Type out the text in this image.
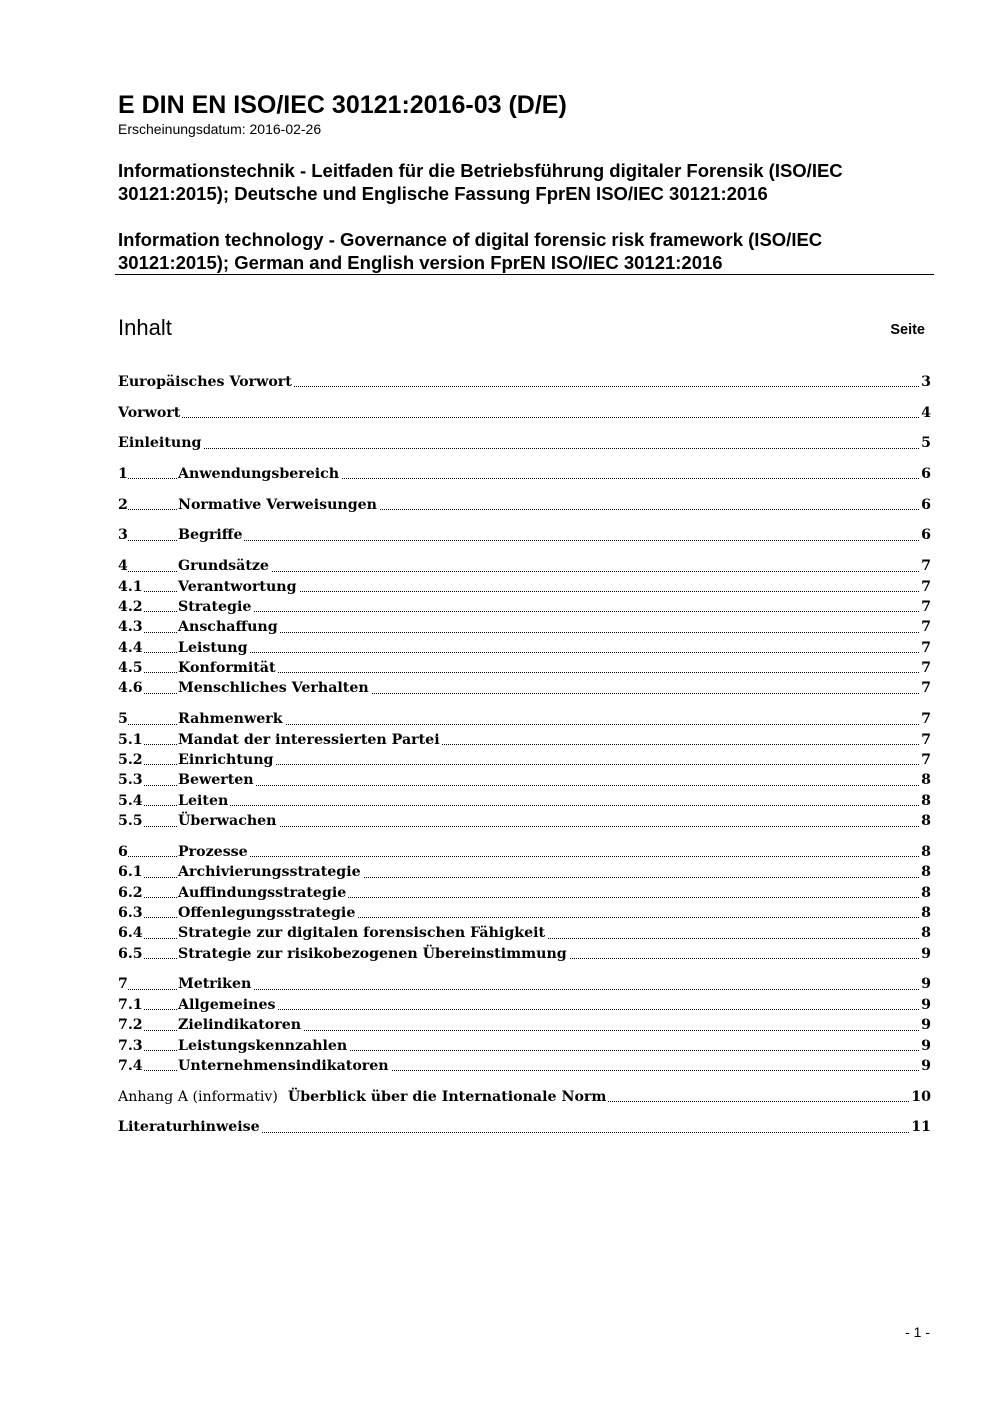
E DIN EN ISO/IEC 30121:2016-03 (D/E)
Erscheinungsdatum: 2016-02-26
Informationstechnik - Leitfaden für die Betriebsführung digitaler Forensik (ISO/IEC 30121:2015); Deutsche und Englische Fassung FprEN ISO/IEC 30121:2016
Information technology - Governance of digital forensic risk framework (ISO/IEC 30121:2015); German and English version FprEN ISO/IEC 30121:2016
Inhalt	Seite
Europäisches Vorwort	3
Vorwort	4
Einleitung	5
1	Anwendungsbereich	6
2	Normative Verweisungen	6
3	Begriffe	6
4	Grundsätze	7
4.1 Verantwortung	7
4.2 Strategie	7
4.3 Anschaffung	7
4.4 Leistung	7
4.5 Konformität	7
4.6 Menschliches Verhalten	7
5	Rahmenwerk	7
5.1 Mandat der interessierten Partei	7
5.2 Einrichtung	7
5.3 Bewerten	8
5.4 Leiten	8
5.5 Überwachen	8
6	Prozesse	8
6.1 Archivierungsstrategie	8
6.2 Auffindungsstrategie	8
6.3 Offenlegungsstrategie	8
6.4 Strategie zur digitalen forensischen Fähigkeit	8
6.5 Strategie zur risikobezogenen Übereinstimmung	9
7	Metriken	9
7.1 Allgemeines	9
7.2 Zielindikatoren	9
7.3 Leistungskennzahlen	9
7.4 Unternehmensindikatoren	9
Anhang A (informativ) Überblick über die Internationale Norm	10
Literaturhinweise	11
- 1 -
